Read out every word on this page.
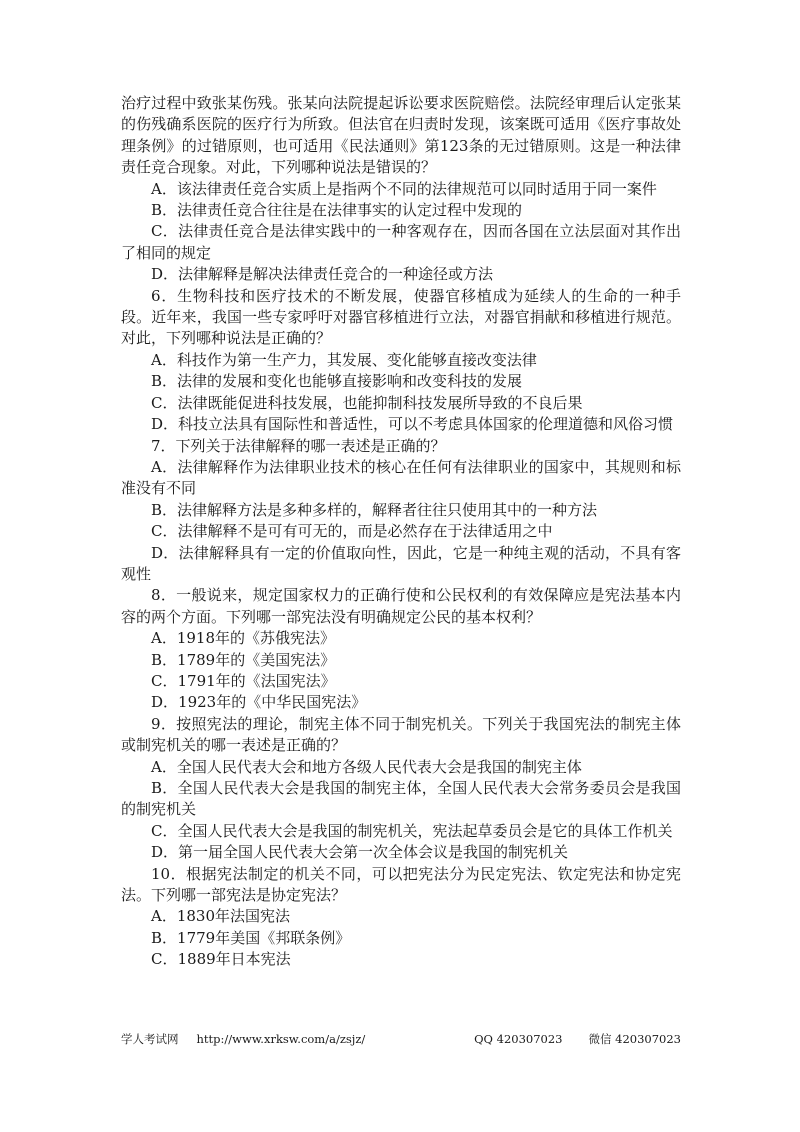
治疗过程中致张某伤残。张某向法院提起诉讼要求医院赔偿。法院经审理后认定张某的伤残确系医院的医疗行为所致。但法官在归责时发现，该案既可适用《医疗事故处理条例》的过错原则，也可适用《民法通则》第123条的无过错原则。这是一种法律责任竞合现象。对此，下列哪种说法是错误的？

A．该法律责任竞合实质上是指两个不同的法律规范可以同时适用于同一案件

B．法律责任竞合往往是在法律事实的认定过程中发现的

C．法律责任竞合是法律实践中的一种客观存在，因而各国在立法层面对其作出了相同的规定

D．法律解释是解决法律责任竞合的一种途径或方法

6．生物科技和医疗技术的不断发展，使器官移植成为延续人的生命的一种手段。近年来，我国一些专家呼吁对器官移植进行立法，对器官捐献和移植进行规范。对此，下列哪种说法是正确的？

A．科技作为第一生产力，其发展、变化能够直接改变法律

B．法律的发展和变化也能够直接影响和改变科技的发展

C．法律既能促进科技发展，也能抑制科技发展所导致的不良后果

D．科技立法具有国际性和普适性，可以不考虑具体国家的伦理道德和风俗习惯

7．下列关于法律解释的哪一表述是正确的？

A．法律解释作为法律职业技术的核心在任何有法律职业的国家中，其规则和标准没有不同

B．法律解释方法是多种多样的，解释者往往只使用其中的一种方法

C．法律解释不是可有可无的，而是必然存在于法律适用之中

D．法律解释具有一定的价值取向性，因此，它是一种纯主观的活动，不具有客观性

8．一般说来，规定国家权力的正确行使和公民权利的有效保障应是宪法基本内容的两个方面。下列哪一部宪法没有明确规定公民的基本权利？

A．1918年的《苏俄宪法》

B．1789年的《美国宪法》

C．1791年的《法国宪法》

D．1923年的《中华民国宪法》

9．按照宪法的理论，制宪主体不同于制宪机关。下列关于我国宪法的制宪主体或制宪机关的哪一表述是正确的？

A．全国人民代表大会和地方各级人民代表大会是我国的制宪主体

B．全国人民代表大会是我国的制宪主体，全国人民代表大会常务委员会是我国的制宪机关

C．全国人民代表大会是我国的制宪机关，宪法起草委员会是它的具体工作机关

D．第一届全国人民代表大会第一次全体会议是我国的制宪机关

10．根据宪法制定的机关不同，可以把宪法分为民定宪法、钦定宪法和协定宪法。下列哪一部宪法是协定宪法？

A．1830年法国宪法

B．1779年美国《邦联条例》

C．1889年日本宪法

学人考试网 http://www.xrksw.com/a/zsjz/	QQ 420307023 微信 420307023
